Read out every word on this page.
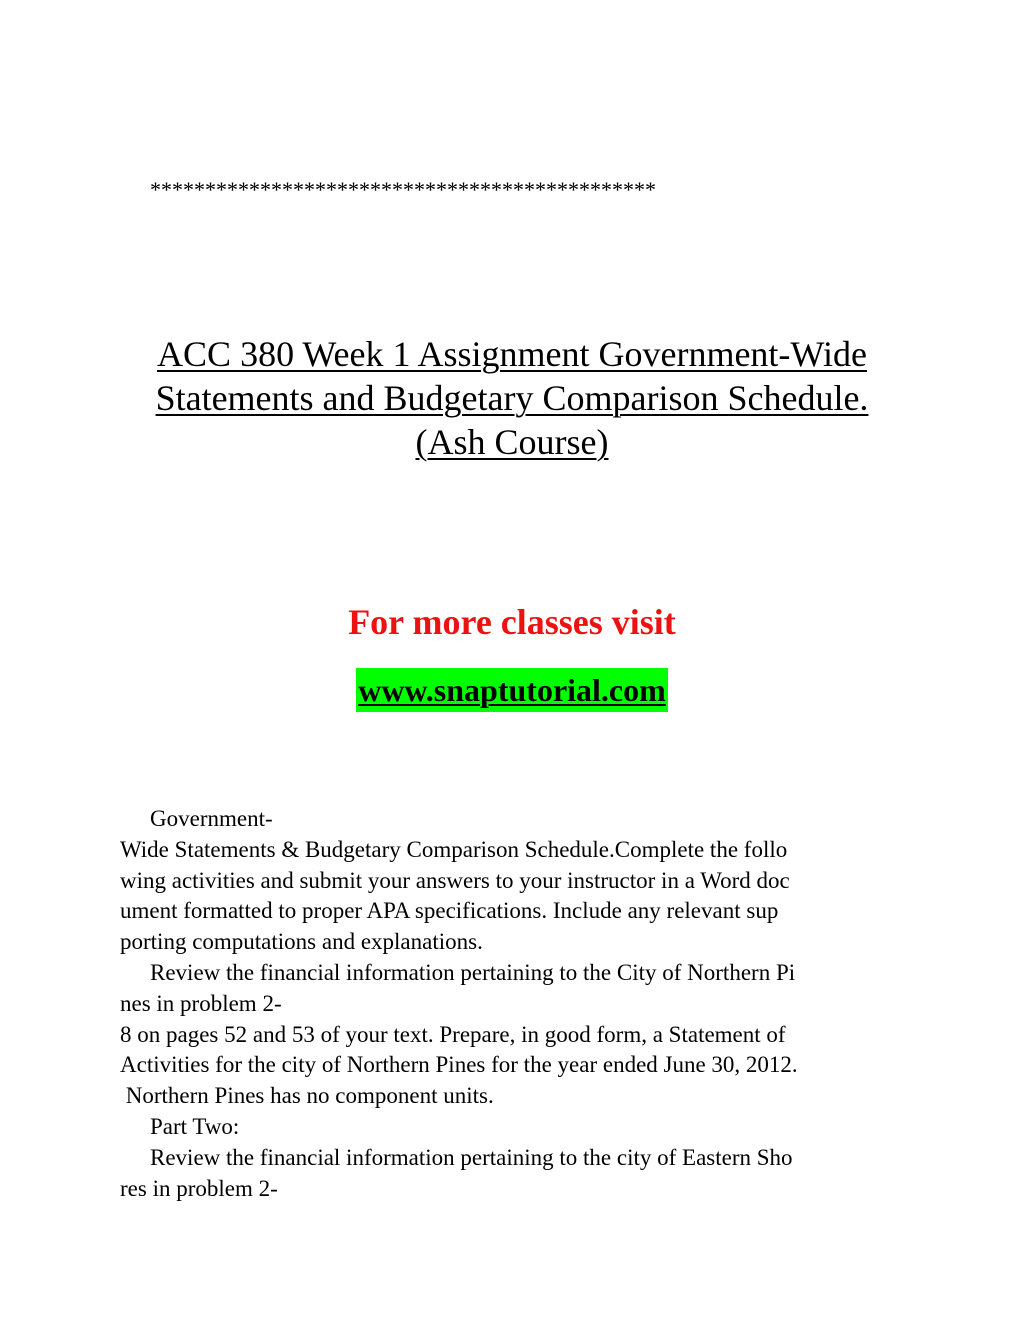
**********************************************
ACC 380 Week 1 Assignment Government-Wide
Statements and Budgetary Comparison Schedule.
(Ash Course)
For more classes visit
www.snaptutorial.com
Government-
Wide Statements & Budgetary Comparison Schedule.Complete the follo
wing activities and submit your answers to your instructor in a Word doc
ument formatted to proper APA specifications. Include any relevant sup
porting computations and explanations.
Review the financial information pertaining to the City of Northern Pi
nes in problem 2-
8 on pages 52 and 53 of your text. Prepare, in good form, a Statement of
Activities for the city of Northern Pines for the year ended June 30, 2012.
Northern Pines has no component units.
Part Two:
Review the financial information pertaining to the city of Eastern Sho
res in problem 2-
